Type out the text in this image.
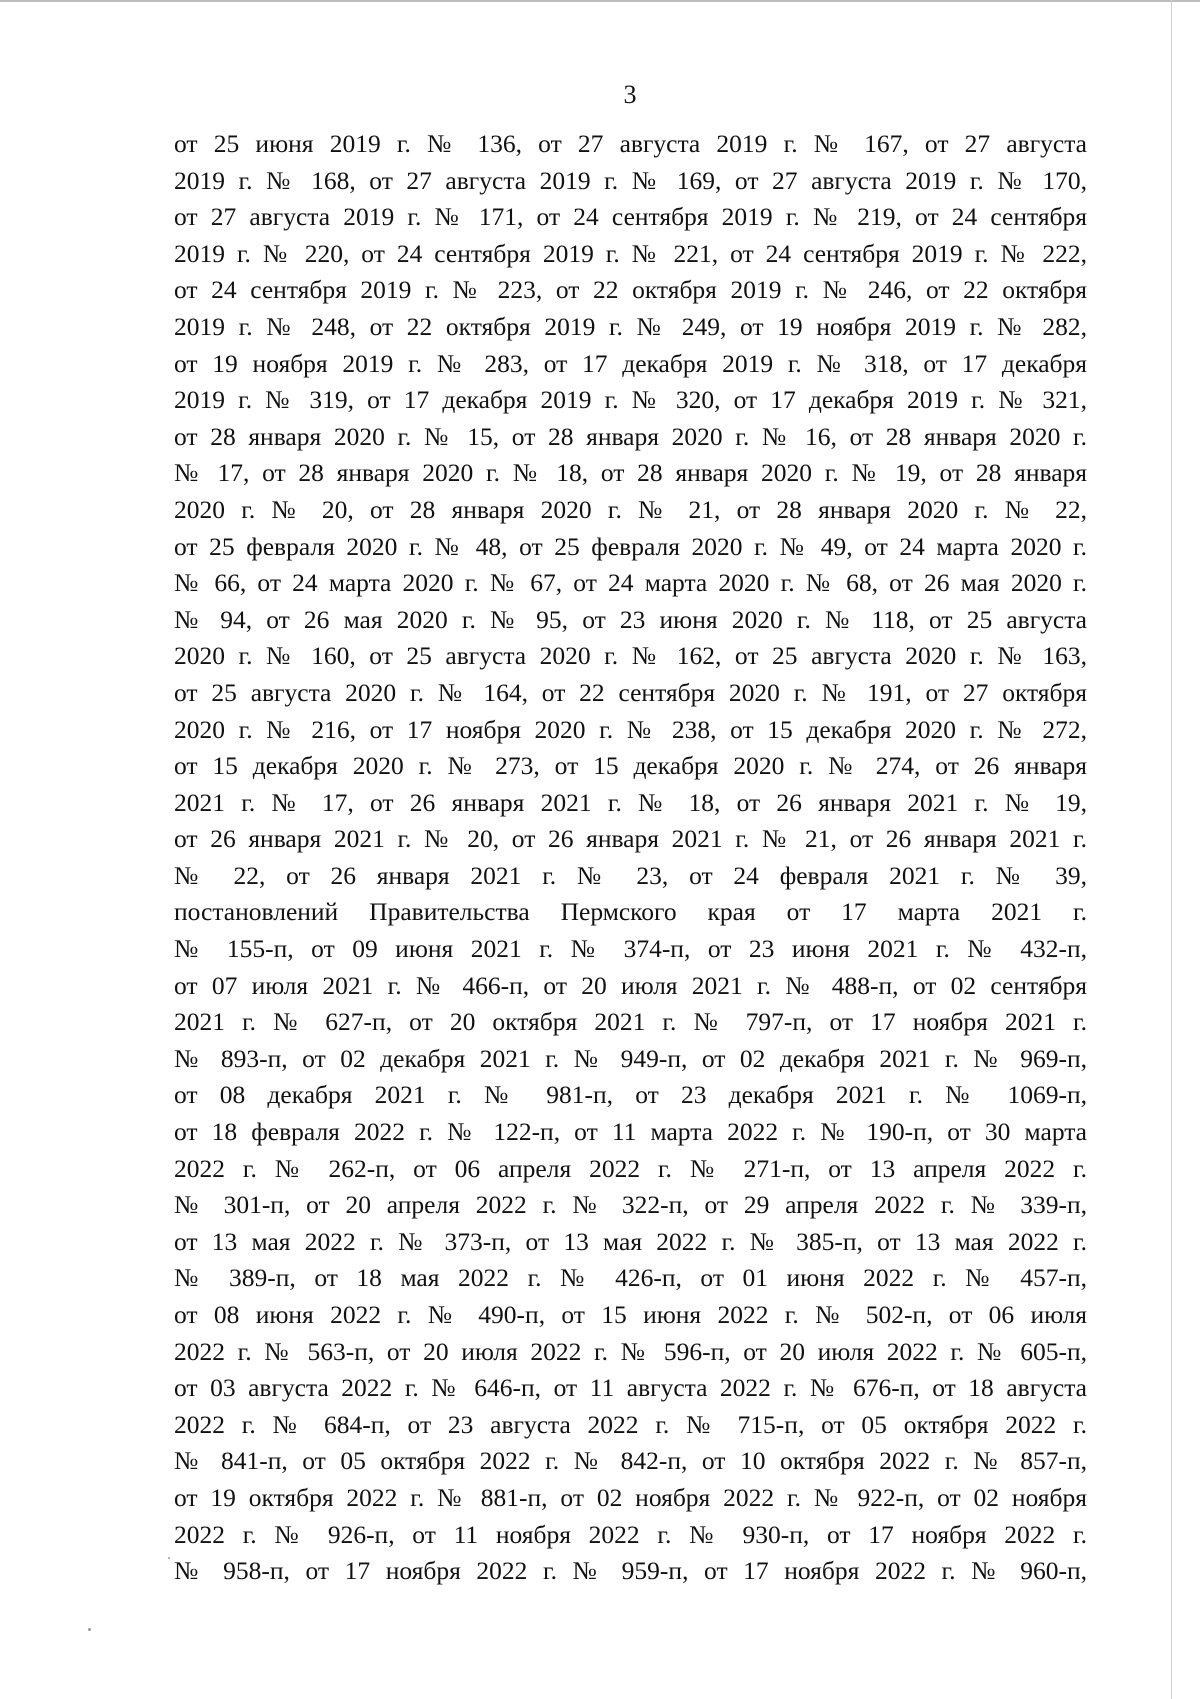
3
от 25 июня 2019 г. № 136, от 27 августа 2019 г. № 167, от 27 августа
2019 г. № 168, от 27 августа 2019 г. № 169, от 27 августа 2019 г. № 170,
от 27 августа 2019 г. № 171, от 24 сентября 2019 г. № 219, от 24 сентября
2019 г. № 220, от 24 сентября 2019 г. № 221, от 24 сентября 2019 г. № 222,
от 24 сентября 2019 г. № 223, от 22 октября 2019 г. № 246, от 22 октября
2019 г. № 248, от 22 октября 2019 г. № 249, от 19 ноября 2019 г. № 282,
от 19 ноября 2019 г. № 283, от 17 декабря 2019 г. № 318, от 17 декабря
2019 г. № 319, от 17 декабря 2019 г. № 320, от 17 декабря 2019 г. № 321,
от 28 января 2020 г. № 15, от 28 января 2020 г. № 16, от 28 января 2020 г.
№ 17, от 28 января 2020 г. № 18, от 28 января 2020 г. № 19, от 28 января
2020 г. № 20, от 28 января 2020 г. № 21, от 28 января 2020 г. № 22,
от 25 февраля 2020 г. № 48, от 25 февраля 2020 г. № 49, от 24 марта 2020 г.
№ 66, от 24 марта 2020 г. № 67, от 24 марта 2020 г. № 68, от 26 мая 2020 г.
№ 94, от 26 мая 2020 г. № 95, от 23 июня 2020 г. № 118, от 25 августа
2020 г. № 160, от 25 августа 2020 г. № 162, от 25 августа 2020 г. № 163,
от 25 августа 2020 г. № 164, от 22 сентября 2020 г. № 191, от 27 октября
2020 г. № 216, от 17 ноября 2020 г. № 238, от 15 декабря 2020 г. № 272,
от 15 декабря 2020 г. № 273, от 15 декабря 2020 г. № 274, от 26 января
2021 г. № 17, от 26 января 2021 г. № 18, от 26 января 2021 г. № 19,
от 26 января 2021 г. № 20, от 26 января 2021 г. № 21, от 26 января 2021 г.
№ 22, от 26 января 2021 г. № 23, от 24 февраля 2021 г. № 39,
постановлений Правительства Пермского края от 17 марта 2021 г.
№ 155-п, от 09 июня 2021 г. № 374-п, от 23 июня 2021 г. № 432-п,
от 07 июля 2021 г. № 466-п, от 20 июля 2021 г. № 488-п, от 02 сентября
2021 г. № 627-п, от 20 октября 2021 г. № 797-п, от 17 ноября 2021 г.
№ 893-п, от 02 декабря 2021 г. № 949-п, от 02 декабря 2021 г. № 969-п,
от 08 декабря 2021 г. № 981-п, от 23 декабря 2021 г. № 1069-п,
от 18 февраля 2022 г. № 122-п, от 11 марта 2022 г. № 190-п, от 30 марта
2022 г. № 262-п, от 06 апреля 2022 г. № 271-п, от 13 апреля 2022 г.
№ 301-п, от 20 апреля 2022 г. № 322-п, от 29 апреля 2022 г. № 339-п,
от 13 мая 2022 г. № 373-п, от 13 мая 2022 г. № 385-п, от 13 мая 2022 г.
№ 389-п, от 18 мая 2022 г. № 426-п, от 01 июня 2022 г. № 457-п,
от 08 июня 2022 г. № 490-п, от 15 июня 2022 г. № 502-п, от 06 июля
2022 г. № 563-п, от 20 июля 2022 г. № 596-п, от 20 июля 2022 г. № 605-п,
от 03 августа 2022 г. № 646-п, от 11 августа 2022 г. № 676-п, от 18 августа
2022 г. № 684-п, от 23 августа 2022 г. № 715-п, от 05 октября 2022 г.
№ 841-п, от 05 октября 2022 г. № 842-п, от 10 октября 2022 г. № 857-п,
от 19 октября 2022 г. № 881-п, от 02 ноября 2022 г. № 922-п, от 02 ноября
2022 г. № 926-п, от 11 ноября 2022 г. № 930-п, от 17 ноября 2022 г.
№ 958-п, от 17 ноября 2022 г. № 959-п, от 17 ноября 2022 г. № 960-п,
